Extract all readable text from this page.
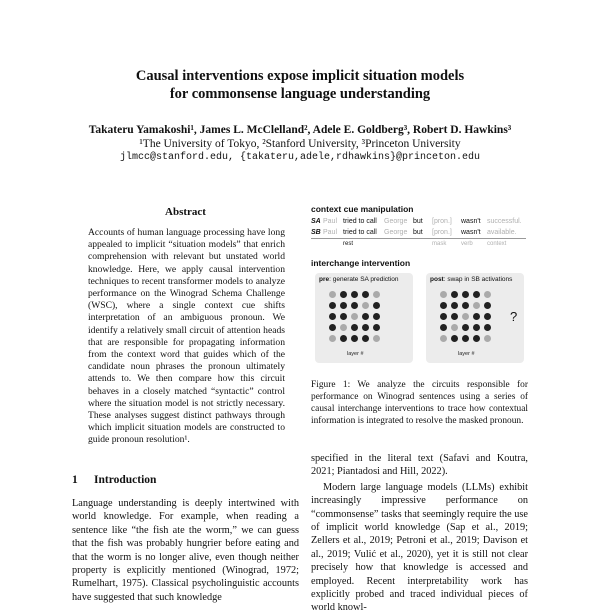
Causal interventions expose implicit situation models
for commonsense language understanding
Takateru Yamakoshi¹, James L. McClelland², Adele E. Goldberg³, Robert D. Hawkins³
¹The University of Tokyo, ²Stanford University, ³Princeton University
jlmcc@stanford.edu, {takateru,adele,rdhawkins}@princeton.edu
Abstract
Accounts of human language processing have long appealed to implicit “situation models” that enrich comprehension with relevant but unstated world knowledge. Here, we apply causal intervention techniques to recent transformer models to analyze performance on the Winograd Schema Challenge (WSC), where a single context cue shifts interpretation of an ambiguous pronoun. We identify a relatively small circuit of attention heads that are responsible for propagating information from the context word that guides which of the candidate noun phrases the pronoun ultimately attends to. We then compare how this circuit behaves in a closely matched “syntactic” control where the situation model is not strictly necessary. These analyses suggest distinct pathways through which implicit situation models are constructed to guide pronoun resolution¹.
1 Introduction
Language understanding is deeply intertwined with world knowledge. For example, when reading a sentence like “the fish ate the worm,” we can guess that the fish was probably hungrier before eating and that the worm is no longer alive, even though neither property is explicitly mentioned (Winograd, 1972; Rumelhart, 1975). Classical psycholinguistic accounts have suggested that such knowledge
context cue manipulation
SA Paul tried to call George but [pron.] wasn't successful.
SB Paul tried to call George but [pron.] wasn't available.
rest	mask verb context
interchange intervention
pre: generate SA prediction
layer #
post: swap in SB activations
layer #
?
Figure 1: We analyze the circuits responsible for performance on Winograd sentences using a series of causal interchange interventions to trace how contextual information is integrated to resolve the masked pronoun.
specified in the literal text (Safavi and Koutra, 2021; Piantadosi and Hill, 2022).
Modern large language models (LLMs) exhibit increasingly impressive performance on “commonsense” tasks that seemingly require the use of implicit world knowledge (Sap et al., 2019; Zellers et al., 2019; Petroni et al., 2019; Davison et al., 2019; Vulić et al., 2020), yet it is still not clear precisely how that knowledge is accessed and employed. Recent interpretability work has explicitly probed and traced individual pieces of world knowl-
